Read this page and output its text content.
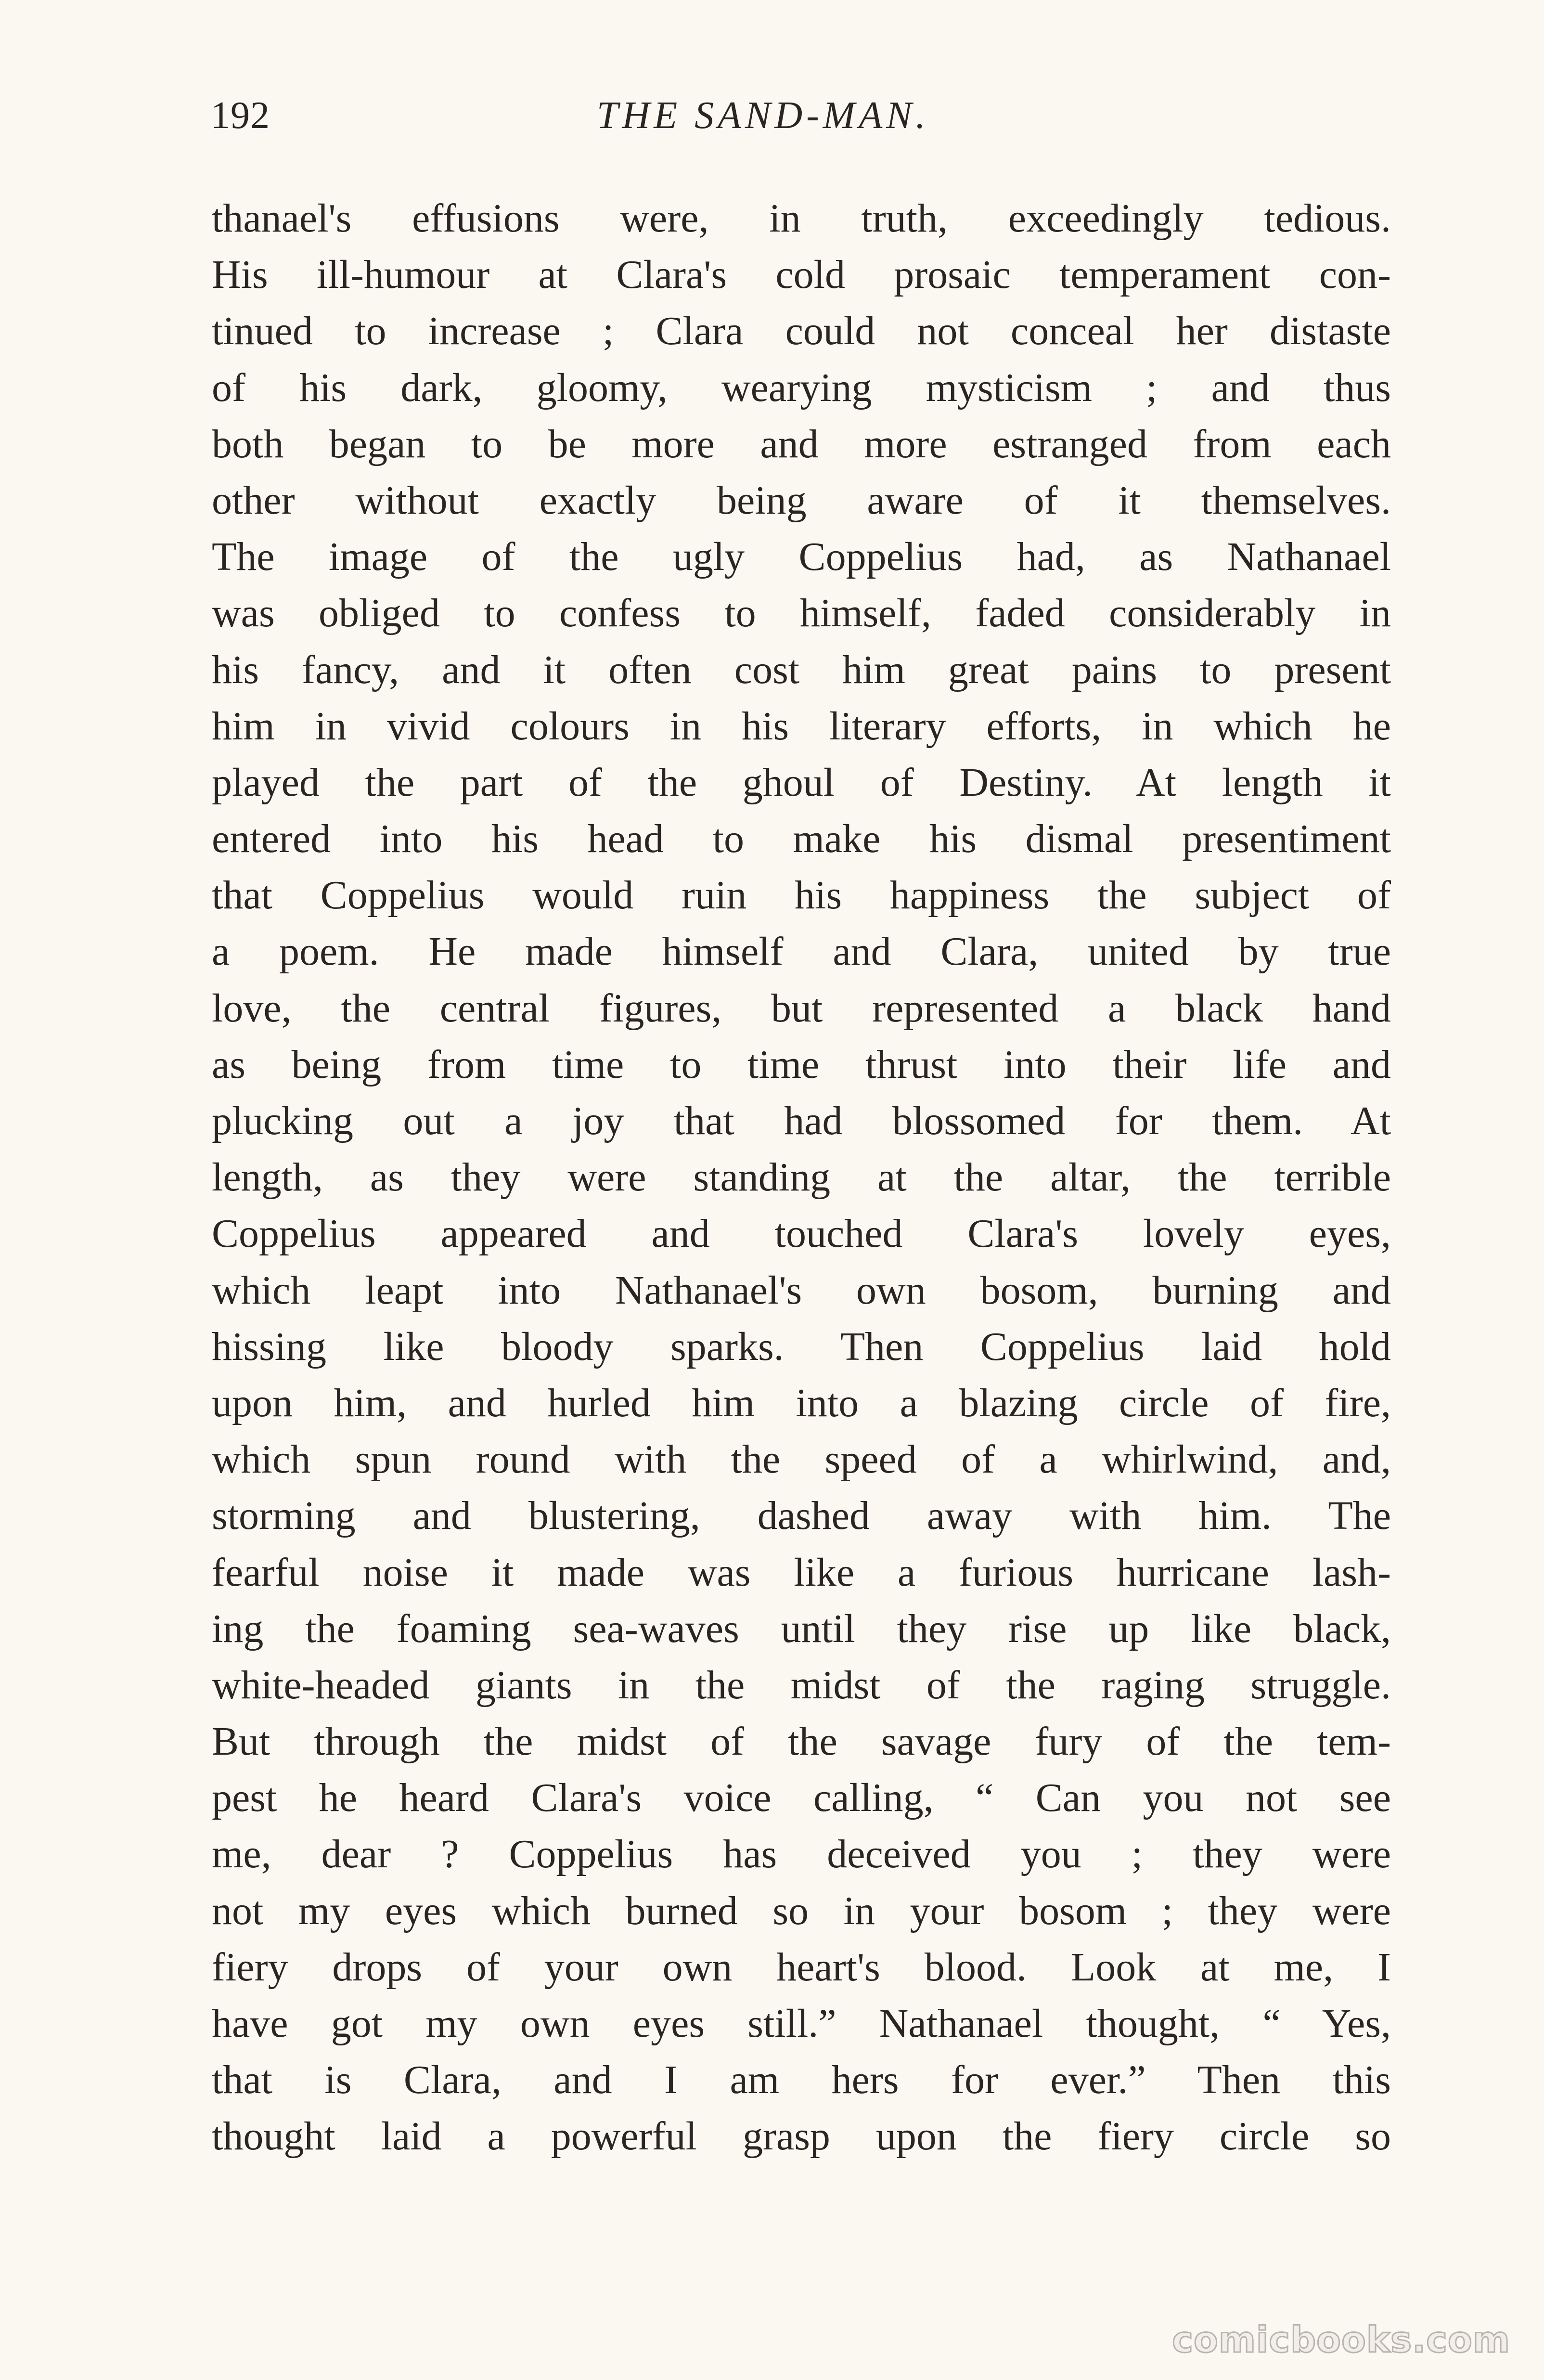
192	THE SAND-MAN.
thanael's effusions were, in truth, exceedingly tedious.
His ill-humour at Clara's cold prosaic temperament con-
tinued to increase ; Clara could not conceal her distaste
of his dark, gloomy, wearying mysticism ; and thus
both began to be more and more estranged from each
other without exactly being aware of it themselves.
The image of the ugly Coppelius had, as Nathanael
was obliged to confess to himself, faded considerably in
his fancy, and it often cost him great pains to present
him in vivid colours in his literary efforts, in which he
played the part of the ghoul of Destiny. At length it
entered into his head to make his dismal presentiment
that Coppelius would ruin his happiness the subject of
a poem. He made himself and Clara, united by true
love, the central figures, but represented a black hand
as being from time to time thrust into their life and
plucking out a joy that had blossomed for them. At
length, as they were standing at the altar, the terrible
Coppelius appeared and touched Clara's lovely eyes,
which leapt into Nathanael's own bosom, burning and
hissing like bloody sparks. Then Coppelius laid hold
upon him, and hurled him into a blazing circle of fire,
which spun round with the speed of a whirlwind, and,
storming and blustering, dashed away with him. The
fearful noise it made was like a furious hurricane lash-
ing the foaming sea-waves until they rise up like black,
white-headed giants in the midst of the raging struggle.
But through the midst of the savage fury of the tem-
pest he heard Clara's voice calling, “ Can you not see
me, dear ? Coppelius has deceived you ; they were
not my eyes which burned so in your bosom ; they were
fiery drops of your own heart's blood. Look at me, I
have got my own eyes still.” Nathanael thought, “ Yes,
that is Clara, and I am hers for ever.” Then this
thought laid a powerful grasp upon the fiery circle so
comicbooks.com
